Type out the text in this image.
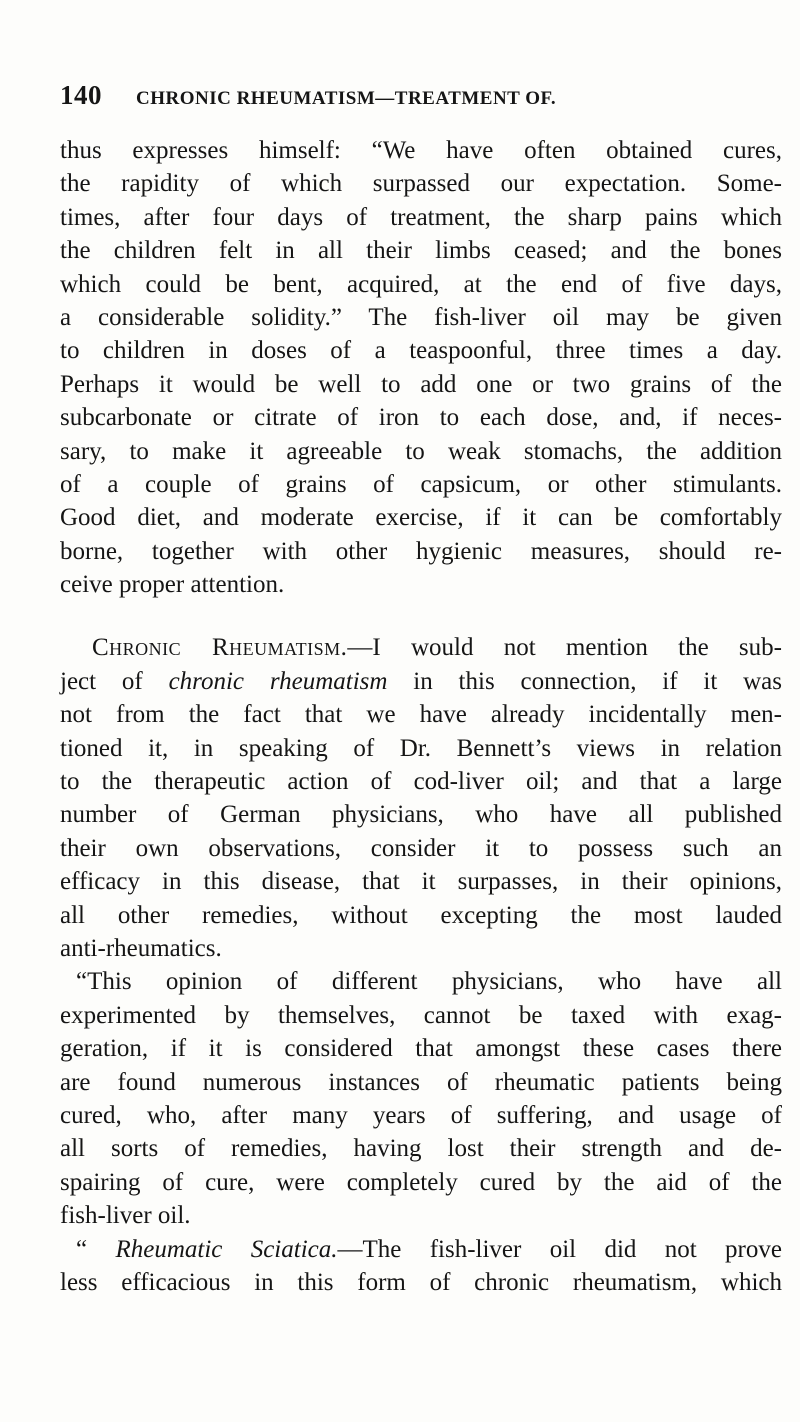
140 CHRONIC RHEUMATISM—TREATMENT OF.
thus expresses himself: “We have often obtained cures,
the rapidity of which surpassed our expectation. Some-
times, after four days of treatment, the sharp pains which
the children felt in all their limbs ceased; and the bones
which could be bent, acquired, at the end of five days,
a considerable solidity.” The fish-liver oil may be given
to children in doses of a teaspoonful, three times a day.
Perhaps it would be well to add one or two grains of the
subcarbonate or citrate of iron to each dose, and, if neces-
sary, to make it agreeable to weak stomachs, the addition
of a couple of grains of capsicum, or other stimulants.
Good diet, and moderate exercise, if it can be comfortably
borne, together with other hygienic measures, should re-
ceive proper attention.
Chronic Rheumatism.—I would not mention the sub-
ject of chronic rheumatism in this connection, if it was
not from the fact that we have already incidentally men-
tioned it, in speaking of Dr. Bennett’s views in relation
to the therapeutic action of cod-liver oil; and that a large
number of German physicians, who have all published
their own observations, consider it to possess such an
efficacy in this disease, that it surpasses, in their opinions,
all other remedies, without excepting the most lauded
anti-rheumatics.
“This opinion of different physicians, who have all
experimented by themselves, cannot be taxed with exag-
geration, if it is considered that amongst these cases there
are found numerous instances of rheumatic patients being
cured, who, after many years of suffering, and usage of
all sorts of remedies, having lost their strength and de-
spairing of cure, were completely cured by the aid of the
fish-liver oil.
“ Rheumatic Sciatica.—The fish-liver oil did not prove
less efficacious in this form of chronic rheumatism, which
